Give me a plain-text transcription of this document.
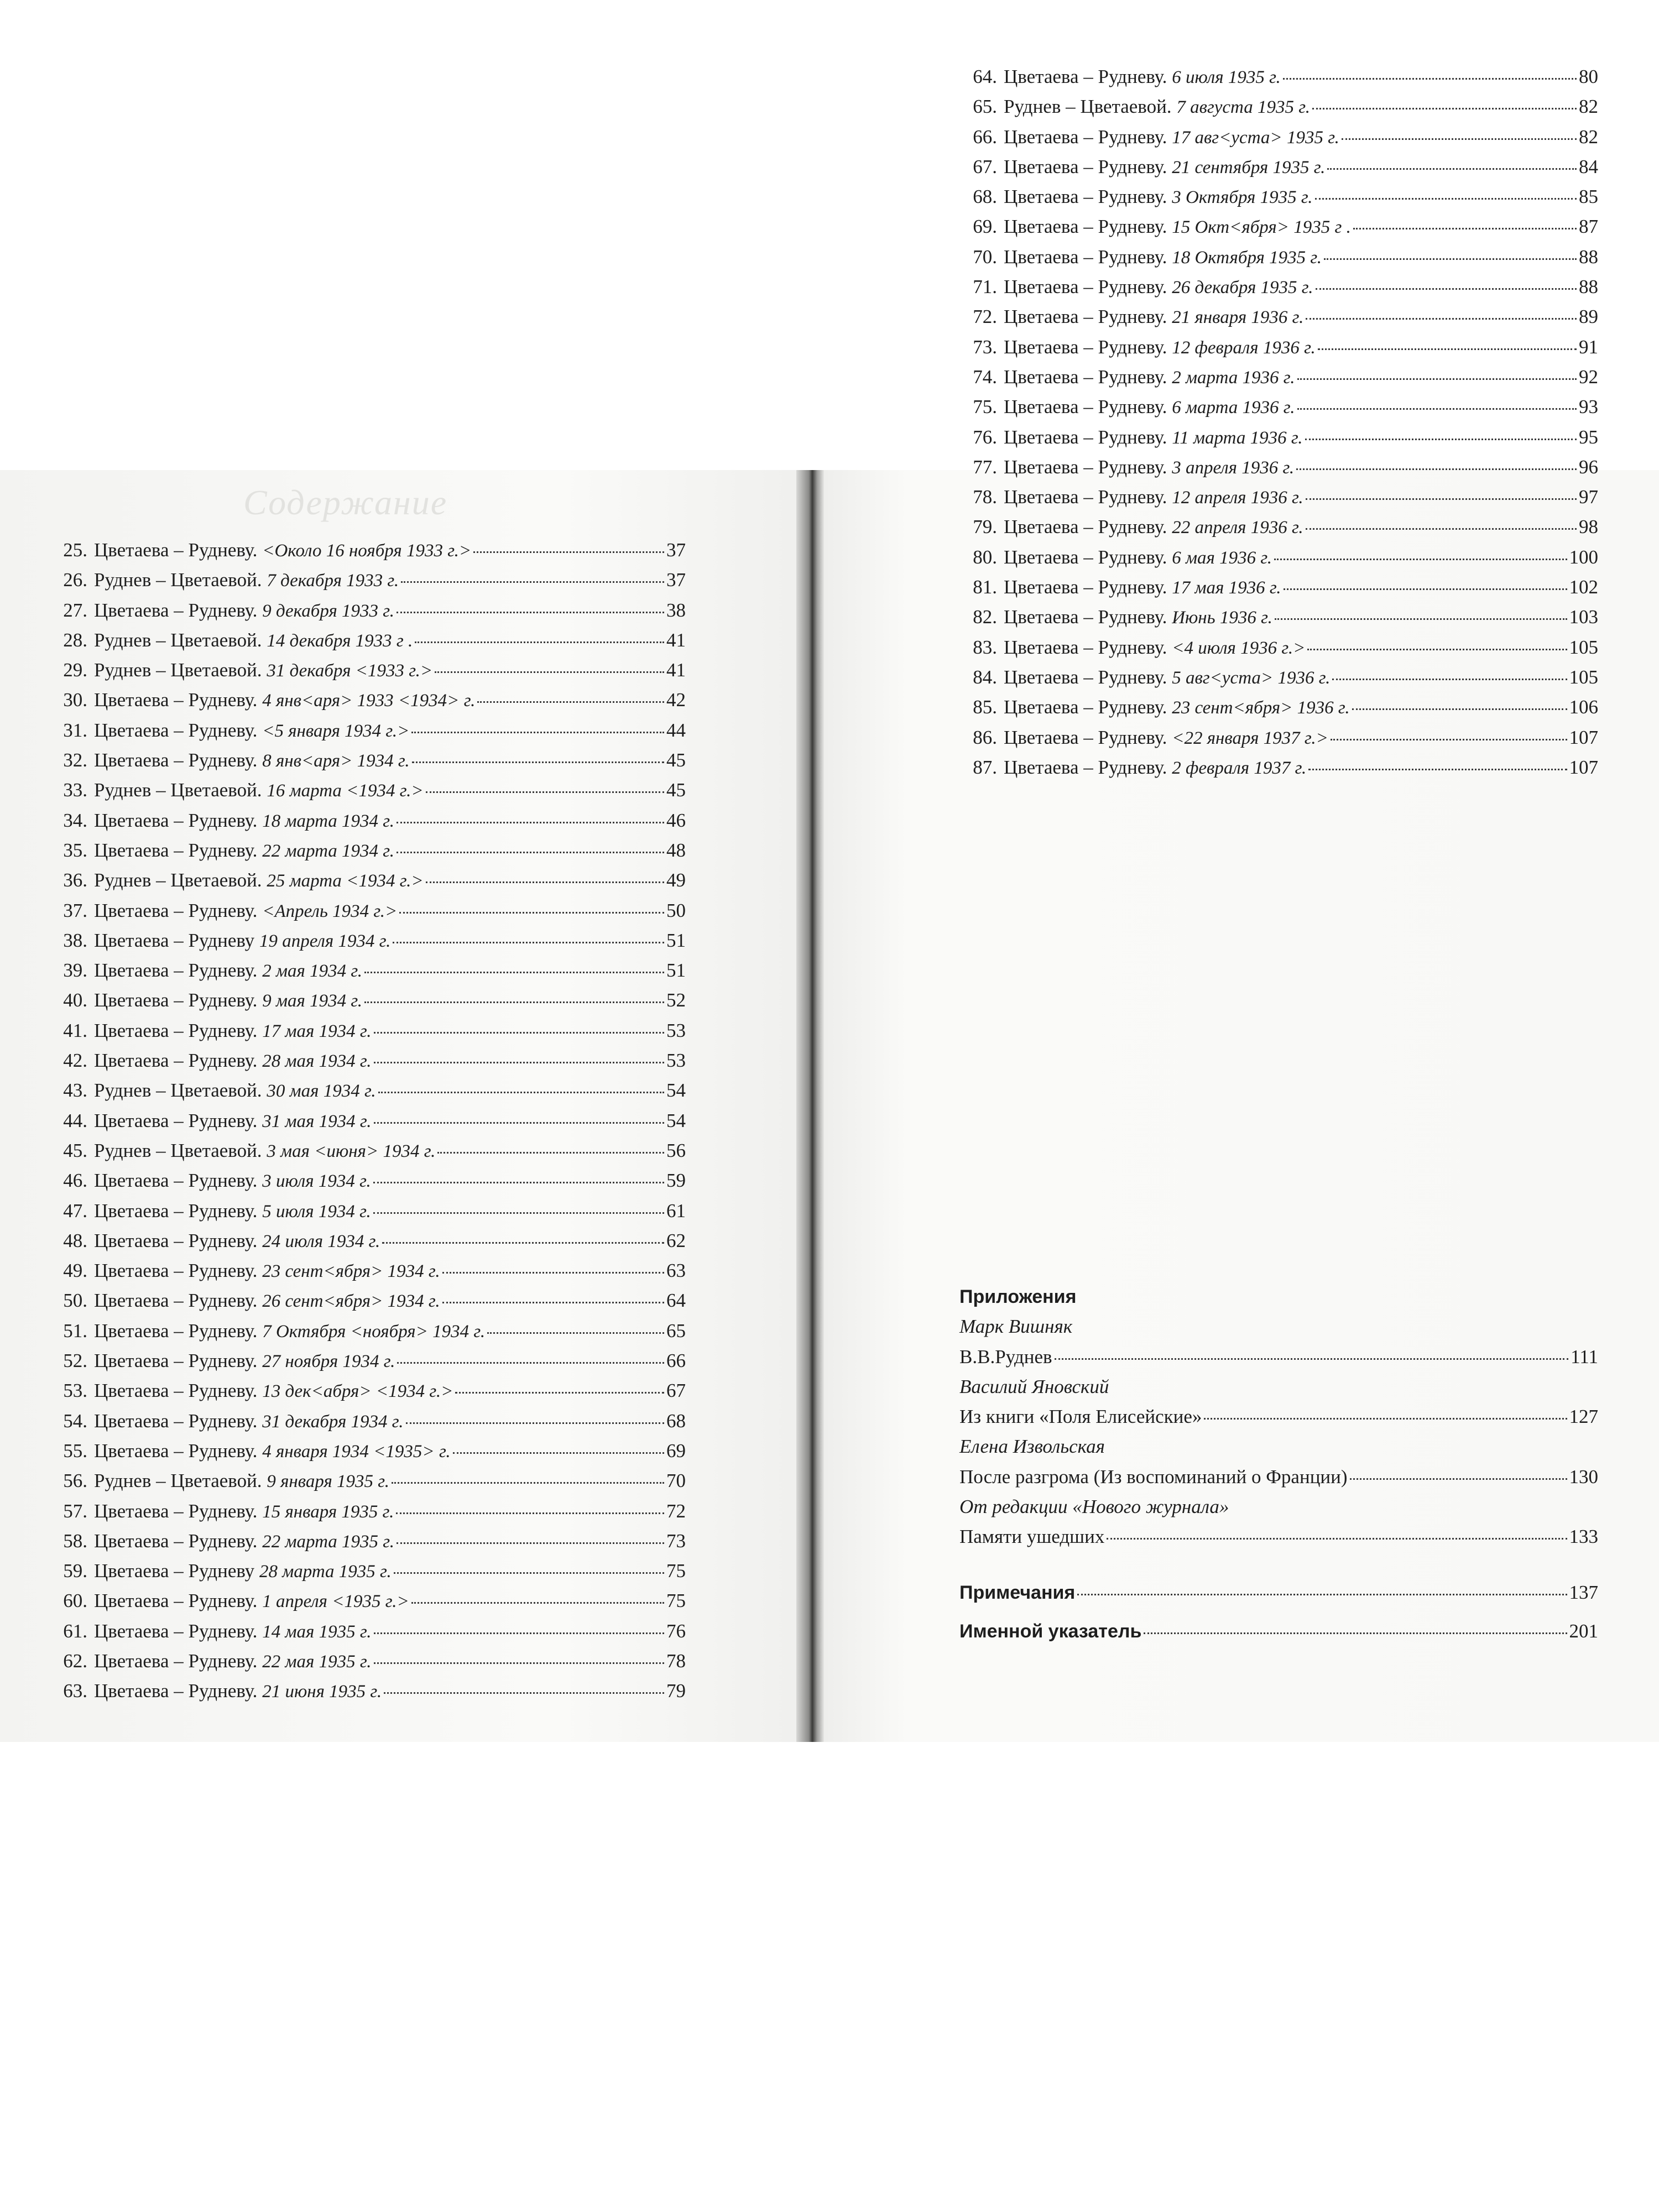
Содержание
25. Цветаева – Рудневу.
<Около 16 ноября 1933 г.>	37
26. Руднев – Цветаевой.
7 декабря 1933 г.	37
27. Цветаева – Рудневу.
9 декабря 1933 г.	38
28. Руднев – Цветаевой.
14 декабря 1933 г .	41
29. Руднев – Цветаевой.
31 декабря <1933 г.>	41
30. Цветаева – Рудневу.
4 янв<аря> 1933 <1934> г.	42
31. Цветаева – Рудневу.
<5 января 1934 г.>	44
32. Цветаева – Рудневу.
8 янв<аря> 1934 г.	45
33. Руднев – Цветаевой.
16 марта <1934 г.>	45
34. Цветаева – Рудневу.
18 марта 1934 г.	46
35. Цветаева – Рудневу.
22 марта 1934 г.	48
36. Руднев – Цветаевой.
25 марта <1934 г.>	49
37. Цветаева – Рудневу.
<Апрель 1934 г.>	50
38. Цветаева – Рудневу
19 апреля 1934 г.	51
39. Цветаева – Рудневу.
2 мая 1934 г.	51
40. Цветаева – Рудневу.
9 мая 1934 г.	52
41. Цветаева – Рудневу.
17 мая 1934 г.	53
42. Цветаева – Рудневу.
28 мая 1934 г.	53
43. Руднев – Цветаевой.
30 мая 1934 г.	54
44. Цветаева – Рудневу.
31 мая 1934 г.	54
45. Руднев – Цветаевой.
3 мая <июня> 1934 г.	56
46. Цветаева – Рудневу.
3 июля 1934 г.	59
47. Цветаева – Рудневу.
5 июля 1934 г.	61
48. Цветаева – Рудневу.
24 июля 1934 г.	62
49. Цветаева – Рудневу.
23 сент<ября> 1934 г.	63
50. Цветаева – Рудневу.
26 сент<ября> 1934 г.	64
51. Цветаева – Рудневу.
7 Октября <ноября> 1934 г.	65
52. Цветаева – Рудневу.
27 ноября 1934 г.	66
53. Цветаева – Рудневу.
13 дек<абря> <1934 г.>	67
54. Цветаева – Рудневу.
31 декабря 1934 г.	68
55. Цветаева – Рудневу.
4 января 1934 <1935> г.	69
56. Руднев – Цветаевой.
9 января 1935 г.	70
57. Цветаева – Рудневу.
15 января 1935 г.	72
58. Цветаева – Рудневу.
22 марта 1935 г.	73
59. Цветаева – Рудневу
28 марта 1935 г.	75
60. Цветаева – Рудневу.
1 апреля <1935 г.>	75
61. Цветаева – Рудневу.
14 мая 1935 г.	76
62. Цветаева – Рудневу.
22 мая 1935 г.	78
63. Цветаева – Рудневу.
21 июня 1935 г.	79
64. Цветаева – Рудневу.
6 июля 1935 г.	80
65. Руднев – Цветаевой.
7 августа 1935 г.	82
66. Цветаева – Рудневу.
17 авг<уста> 1935 г.	82
67. Цветаева – Рудневу.
21 сентября 1935 г.	84
68. Цветаева – Рудневу.
3 Октября 1935 г.	85
69. Цветаева – Рудневу.
15 Окт<ября> 1935 г .	87
70. Цветаева – Рудневу.
18 Октября 1935 г.	88
71. Цветаева – Рудневу.
26 декабря 1935 г.	88
72. Цветаева – Рудневу.
21 января 1936 г.	89
73. Цветаева – Рудневу.
12 февраля 1936 г.	91
74. Цветаева – Рудневу.
2 марта 1936 г.	92
75. Цветаева – Рудневу.
6 марта 1936 г.	93
76. Цветаева – Рудневу.
11 марта 1936 г.	95
77. Цветаева – Рудневу.
3 апреля 1936 г.	96
78. Цветаева – Рудневу.
12 апреля 1936 г.	97
79. Цветаева – Рудневу.
22 апреля 1936 г.	98
80. Цветаева – Рудневу.
6 мая 1936 г.	100
81. Цветаева – Рудневу.
17 мая 1936 г.	102
82. Цветаева – Рудневу.
Июнь 1936 г.	103
83. Цветаева – Рудневу.
<4 июля 1936 г.>	105
84. Цветаева – Рудневу.
5 авг<уста> 1936 г.	105
85. Цветаева – Рудневу.
23 сент<ября> 1936 г.	106
86. Цветаева – Рудневу.
<22 января 1937 г.>	107
87. Цветаева – Рудневу.
2 февраля 1937 г.	107
Приложения
Марк Вишняк
В.В.Руднев	111
Василий Яновский
Из книги «Поля Елисейские»	127
Елена Извольская
После разгрома (Из воспоминаний о Франции)	130
От редакции «Нового журнала»
Памяти ушедших	133
Примечания	137
Именной указатель	201
